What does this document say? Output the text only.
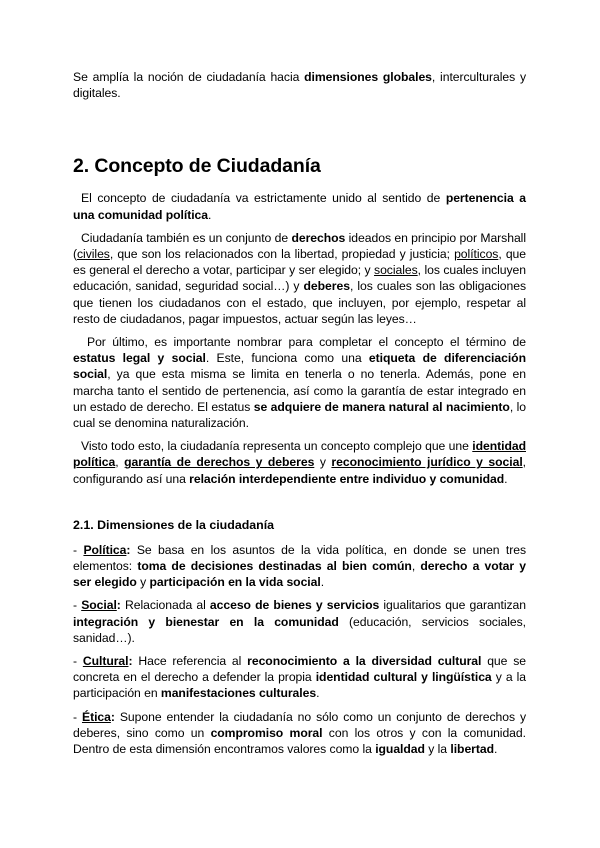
Se amplía la noción de ciudadanía hacia dimensiones globales, interculturales y digitales.

2. Concepto de Ciudadanía

El concepto de ciudadanía va estrictamente unido al sentido de pertenencia a una comunidad política.

Ciudadanía también es un conjunto de derechos ideados en principio por Marshall (civiles, que son los relacionados con la libertad, propiedad y justicia; políticos, que es general el derecho a votar, participar y ser elegido; y sociales, los cuales incluyen educación, sanidad, seguridad social…) y deberes, los cuales son las obligaciones que tienen los ciudadanos con el estado, que incluyen, por ejemplo, respetar al resto de ciudadanos, pagar impuestos, actuar según las leyes…

Por último, es importante nombrar para completar el concepto el término de estatus legal y social. Este, funciona como una etiqueta de diferenciación social, ya que esta misma se limita en tenerla o no tenerla. Además, pone en marcha tanto el sentido de pertenencia, así como la garantía de estar integrado en un estado de derecho. El estatus se adquiere de manera natural al nacimiento, lo cual se denomina naturalización.

Visto todo esto, la ciudadanía representa un concepto complejo que une identidad política, garantía de derechos y deberes y reconocimiento jurídico y social, configurando así una relación interdependiente entre individuo y comunidad.

2.1. Dimensiones de la ciudadanía

- Política: Se basa en los asuntos de la vida política, en donde se unen tres elementos: toma de decisiones destinadas al bien común, derecho a votar y ser elegido y participación en la vida social.

- Social: Relacionada al acceso de bienes y servicios igualitarios que garantizan integración y bienestar en la comunidad (educación, servicios sociales, sanidad…).

- Cultural: Hace referencia al reconocimiento a la diversidad cultural que se concreta en el derecho a defender la propia identidad cultural y lingüística y a la participación en manifestaciones culturales.

- Ética: Supone entender la ciudadanía no sólo como un conjunto de derechos y deberes, sino como un compromiso moral con los otros y con la comunidad. Dentro de esta dimensión encontramos valores como la igualdad y la libertad.
